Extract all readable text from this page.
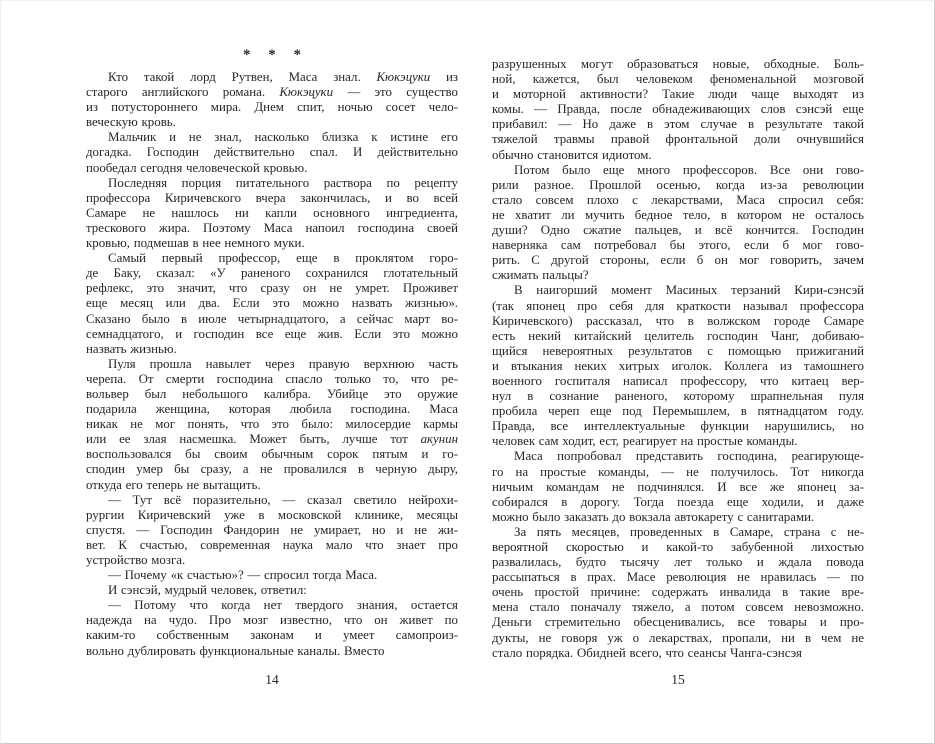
* * *
Кто такой лорд Рутвен, Маса знал. Кюкэцуки из
старого английского романа. Кюкэцуки — это существо
из потустороннего мира. Днем спит, ночью сосет чело-
веческую кровь.
Мальчик и не знал, насколько близка к истине его
догадка. Господин действительно спал. И действительно
пообедал сегодня человеческой кровью.
Последняя порция питательного раствора по рецепту
профессора Киричевского вчера закончилась, и во всей
Самаре не нашлось ни капли основного ингредиента,
трескового жира. Поэтому Маса напоил господина своей
кровью, подмешав в нее немного муки.
Самый первый профессор, еще в проклятом горо-
де Баку, сказал: «У раненого сохранился глотательный
рефлекс, это значит, что сразу он не умрет. Проживет
еще месяц или два. Если это можно назвать жизнью».
Сказано было в июле четырнадцатого, а сейчас март во-
семнадцатого, и господин все еще жив. Если это можно
назвать жизнью.
Пуля прошла навылет через правую верхнюю часть
черепа. От смерти господина спасло только то, что ре-
вольвер был небольшого калибра. Убийце это оружие
подарила женщина, которая любила господина. Маса
никак не мог понять, что это было: милосердие кармы
или ее злая насмешка. Может быть, лучше тот акунин
воспользовался бы своим обычным сорок пятым и го-
сподин умер бы сразу, а не провалился в черную дыру,
откуда его теперь не вытащить.
— Тут всё поразительно, — сказал светило нейрохи-
рургии Киричевский уже в московской клинике, месяцы
спустя. — Господин Фандорин не умирает, но и не жи-
вет. К счастью, современная наука мало что знает про
устройство мозга.
— Почему «к счастью»? — спросил тогда Маса.
И сэнсэй, мудрый человек, ответил:
— Потому что когда нет твердого знания, остается
надежда на чудо. Про мозг известно, что он живет по
каким-то собственным законам и умеет самопроиз-
вольно дублировать функциональные каналы. Вместо
14
разрушенных могут образоваться новые, обходные. Боль-
ной, кажется, был человеком феноменальной мозговой
и моторной активности? Такие люди чаще выходят из
комы. — Правда, после обнадеживающих слов сэнсэй еще
прибавил: — Но даже в этом случае в результате такой
тяжелой травмы правой фронтальной доли очнувшийся
обычно становится идиотом.
Потом было еще много профессоров. Все они гово-
рили разное. Прошлой осенью, когда из-за революции
стало совсем плохо с лекарствами, Маса спросил себя:
не хватит ли мучить бедное тело, в котором не осталось
души? Одно сжатие пальцев, и всё кончится. Господин
наверняка сам потребовал бы этого, если б мог гово-
рить. С другой стороны, если б он мог говорить, зачем
сжимать пальцы?
В наигорший момент Масиных терзаний Кири-сэнсэй
(так японец про себя для краткости называл профессора
Киричевского) рассказал, что в волжском городе Самаре
есть некий китайский целитель господин Чанг, добиваю-
щийся невероятных результатов с помощью прижиганий
и втыкания неких хитрых иголок. Коллега из тамошнего
военного госпиталя написал профессору, что китаец вер-
нул в сознание раненого, которому шрапнельная пуля
пробила череп еще под Перемышлем, в пятнадцатом году.
Правда, все интеллектуальные функции нарушились, но
человек сам ходит, ест, реагирует на простые команды.
Маса попробовал представить господина, реагирующе-
го на простые команды, — не получилось. Тот никогда
ничьим командам не подчинялся. И все же японец за-
собирался в дорогу. Тогда поезда еще ходили, и даже
можно было заказать до вокзала автокарету с санитарами.
За пять месяцев, проведенных в Самаре, страна с не-
вероятной скоростью и какой-то забубенной лихостью
развалилась, будто тысячу лет только и ждала повода
рассыпаться в прах. Масе революция не нравилась — по
очень простой причине: содержать инвалида в такие вре-
мена стало поначалу тяжело, а потом совсем невозможно.
Деньги стремительно обесценивались, все товары и про-
дукты, не говоря уж о лекарствах, пропали, ни в чем не
стало порядка. Обидней всего, что сеансы Чанга-сэнсэя
15
